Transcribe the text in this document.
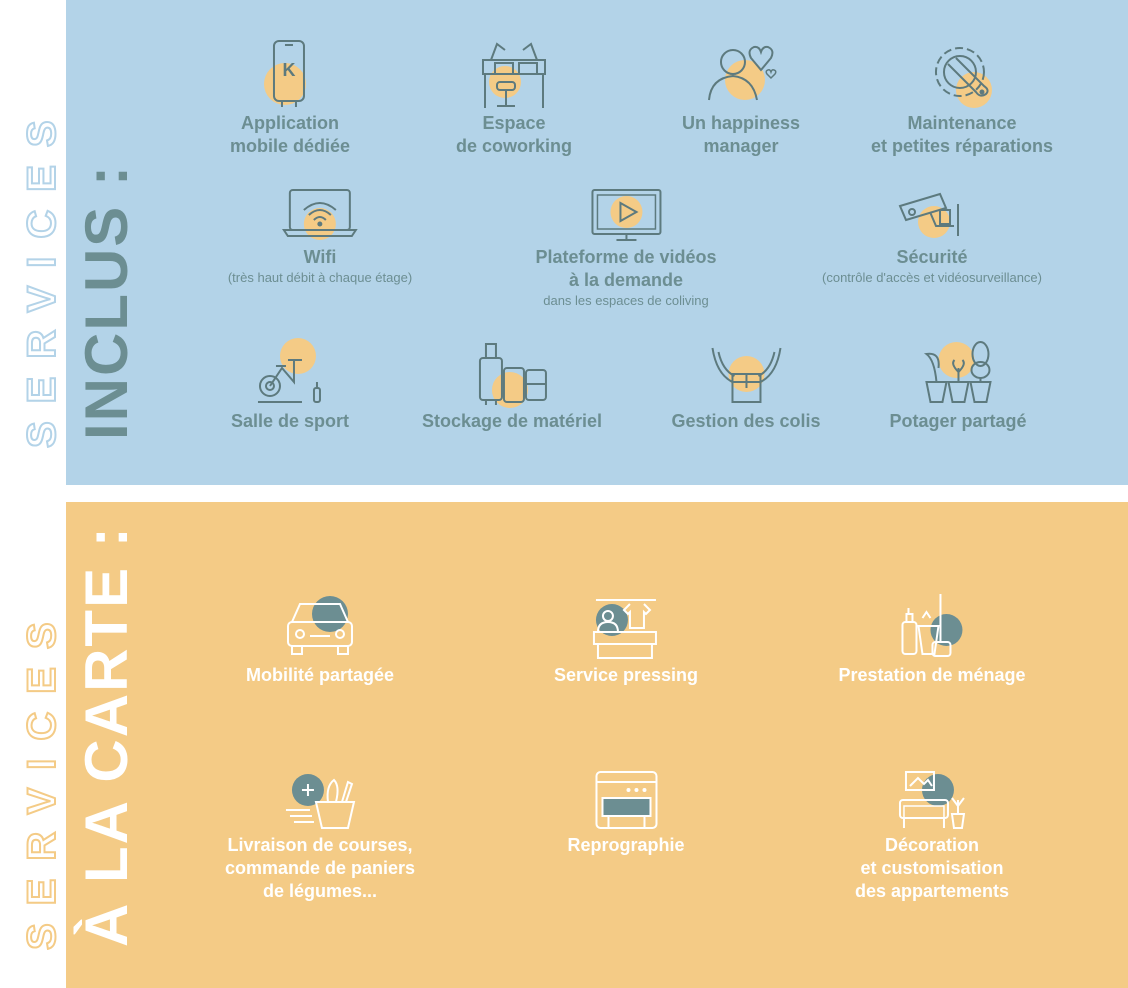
SERVICES
SERVICES
INCLUS :
K
Application
mobile dédiée
Espace
de coworking
Un happiness
manager
Maintenance
et petites réparations
Wifi
(très haut débit à chaque étage)
Plateforme de vidéos
à la demande
dans les espaces de coliving
Sécurité
(contrôle d'accès et vidéosurveillance)
Salle de sport	Stockage de matériel	Gestion des colis	Potager partagé
À LA CARTE :	Mobilité partagée	Service pressing	Prestation de ménage
Livraison de courses,
commande de paniers
de légumes...
Reprographie	Décoration
et customisation
des appartements
